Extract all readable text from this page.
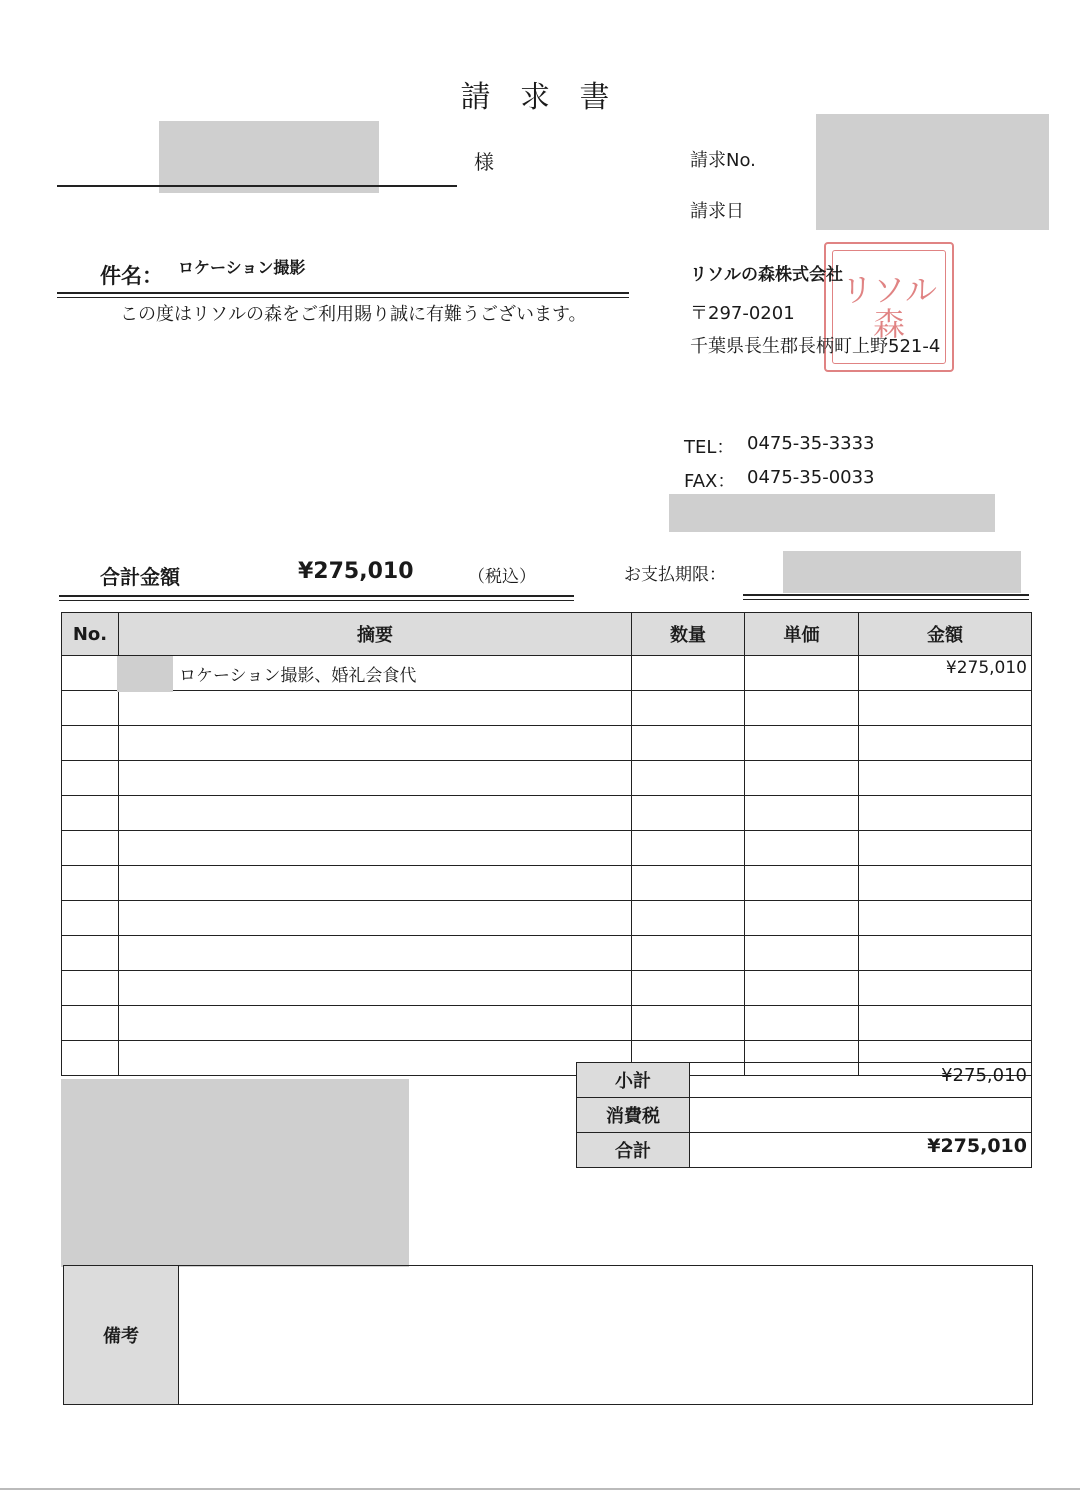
請 求 書
様	請求No.
請求日
件名： ロケーション撮影
この度はリソルの森をご利用賜り誠に有難うございます。
リソル森
リソルの森株式会社
〒297-0201
千葉県長生郡長柄町上野521-4
TEL： 0475-35-3333
FAX： 0475-35-0033
合計金額	¥275,010	（税込）	お支払期限：
No.	摘要	数量	単価	金額

	ロケーション撮影、婚礼会食代			¥275,010

小計	¥275,010
消費税	
合計	¥275,010
備考
